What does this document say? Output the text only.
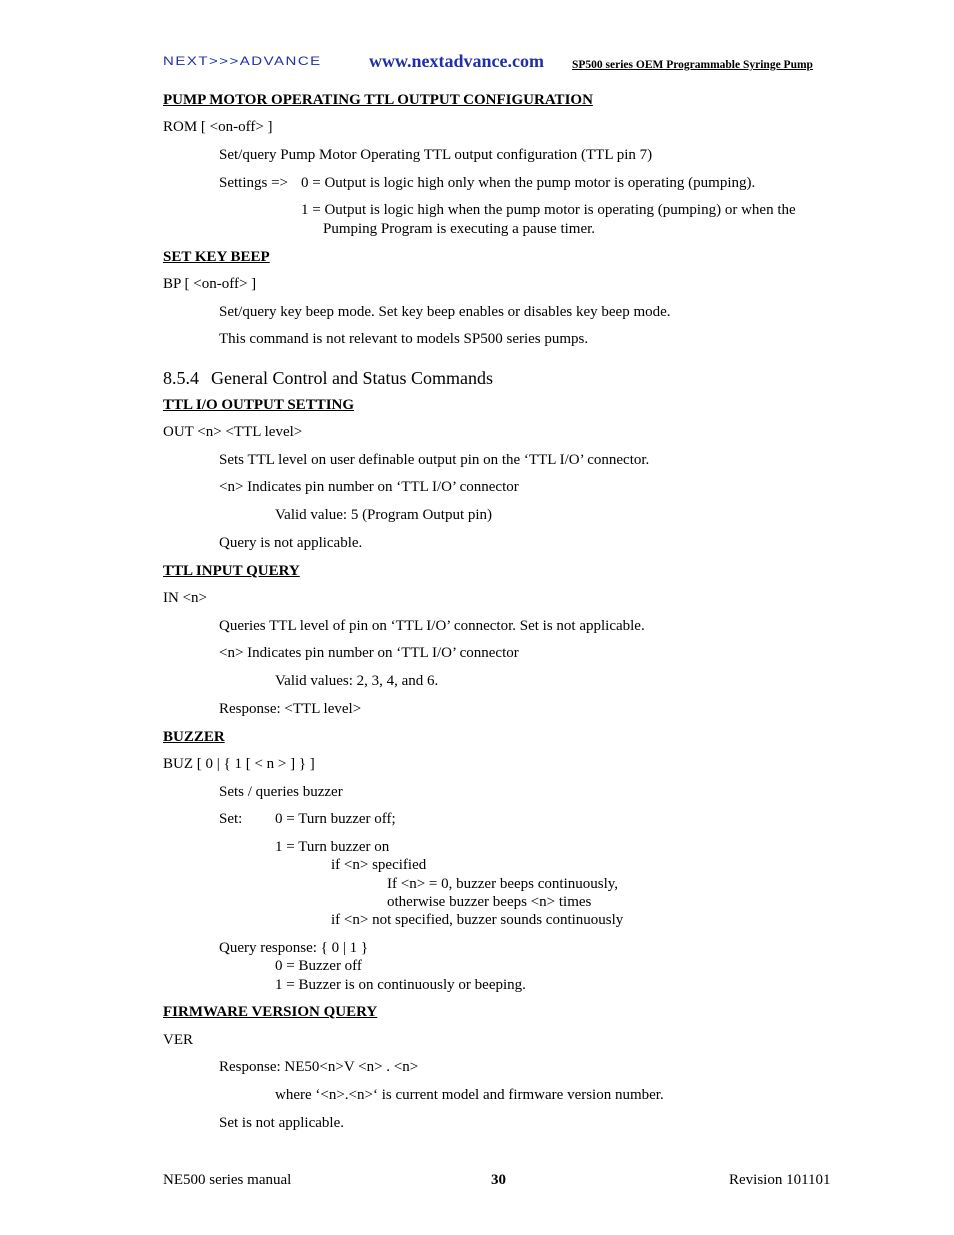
NEXT>>>ADVANCE	www.nextadvance.com SP500 series OEM Programmable Syringe Pump
PUMP MOTOR OPERATING TTL OUTPUT CONFIGURATION
ROM [ <on-off> ]
Set/query Pump Motor Operating TTL output configuration (TTL pin 7)
Settings => 0 = Output is logic high only when the pump motor is operating (pumping).
1 = Output is logic high when the pump motor is operating (pumping) or when the
Pumping Program is executing a pause timer.
SET KEY BEEP
BP [ <on-off> ]
Set/query key beep mode. Set key beep enables or disables key beep mode.
This command is not relevant to models SP500 series pumps.
8.5.4 General Control and Status Commands
TTL I/O OUTPUT SETTING
OUT <n> <TTL level>
Sets TTL level on user definable output pin on the ‘TTL I/O’ connector.
<n> Indicates pin number on ‘TTL I/O’ connector
Valid value: 5 (Program Output pin)
Query is not applicable.
TTL INPUT QUERY
IN <n>
Queries TTL level of pin on ‘TTL I/O’ connector. Set is not applicable.
<n> Indicates pin number on ‘TTL I/O’ connector
Valid values: 2, 3, 4, and 6.
Response: <TTL level>
BUZZER
BUZ [ 0 | { 1 [ < n > ] } ]
Sets / queries buzzer
Set: 0 = Turn buzzer off;
1 = Turn buzzer on
if <n> specified
If <n> = 0, buzzer beeps continuously,
otherwise buzzer beeps <n> times
if <n> not specified, buzzer sounds continuously
Query response: { 0 | 1 }
0 = Buzzer off
1 = Buzzer is on continuously or beeping.
FIRMWARE VERSION QUERY
VER
Response: NE50<n>V <n> . <n>
where ‘<n>.<n>‘ is current model and firmware version number.
Set is not applicable.
NE500 series manual	30	Revision 101101
